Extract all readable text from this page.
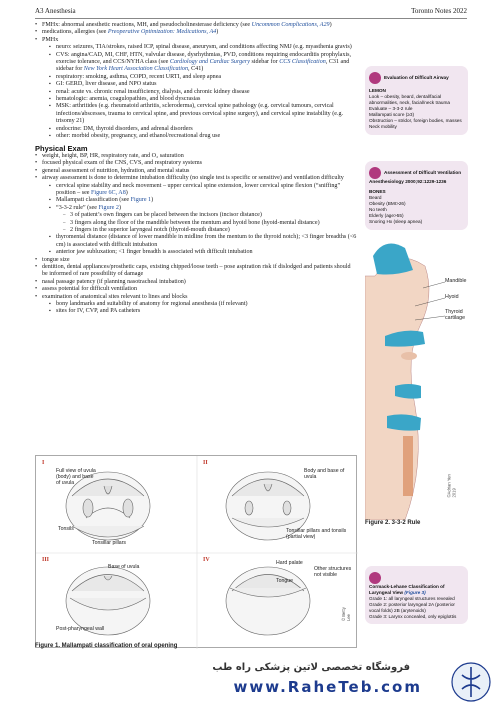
A3 Anesthesia	Toronto Notes 2022
• FMHx: abnormal anesthetic reactions, MH, and pseudocholinesterase deficiency (see Uncommon Complications, A29)
• medications, allergies (see Preoperative Optimization: Medications, A4)
• PMHx
▪ neuro: seizures, TIA/strokes, raised ICP, spinal disease, aneurysm, and conditions affecting NMJ (e.g. myasthenia gravis)
▪ CVS: angina/CAD, MI, CHF, HTN, valvular disease, dysrhythmias, PVD, conditions requiring endocarditis prophylaxis, exercise tolerance, and CCS/NYHA class (see Cardiology and Cardiac Surgery sidebar for CCS Classification, C31 and sidebar for New York Heart Association Classification, C41)
▪ respiratory: smoking, asthma, COPD, recent URTI, and sleep apnea
▪ GI: GERD, liver disease, and NPO status
▪ renal: acute vs. chronic renal insufficiency, dialysis, and chronic kidney disease
▪ hematologic: anemia, coagulopathies, and blood dyscrasias
▪ MSK: arthritides (e.g. rheumatoid arthritis, scleroderma), cervical spine pathology (e.g. cervical tumours, cervical infections/abscesses, trauma to cervical spine, and previous cervical spine surgery), and cervical spine instability (e.g. trisomy 21)
▪ endocrine: DM, thyroid disorders, and adrenal disorders
▪ other: morbid obesity, pregnancy, and ethanol/recreational drug use
Physical Exam
• weight, height, BP, HR, respiratory rate, and O₂ saturation
• focused physical exam of the CNS, CVS, and respiratory systems
• general assessment of nutrition, hydration, and mental status
• airway assessment is done to determine intubation difficulty (no single test is specific or sensitive) and ventilation difficulty
▪ cervical spine stability and neck movement – upper cervical spine extension, lower cervical spine flexion (“sniffing” position – see Figure 6C, A8)
▪ Mallampati classification (see Figure 1)
▪ “3-3-2 rule” (see Figure 2)
– 3 of patient’s own fingers can be placed between the incisors (incisor distance)
– 3 fingers along the floor of the mandible between the mentum and hyoid bone (hyoid-mental distance)
– 2 fingers in the superior laryngeal notch (thyroid-mouth distance)
▪ thyromental distance (distance of lower mandible in midline from the mentum to the thyroid notch); <3 finger breadths (<6 cm) is associated with difficult intubation
▪ anterior jaw subluxation; <1 finger breadth is associated with difficult intubation
• tongue size
• dentition, dental appliances/prosthetic caps, existing chipped/loose teeth – pose aspiration risk if dislodged and patients should be informed of rare possibility of damage
• nasal passage patency (if planning nasotracheal intubation)
• assess potential for difficult ventilation
• examination of anatomical sites relevant to lines and blocks
▪ bony landmarks and suitability of anatomy for regional anesthesia (if relevant)
▪ sites for IV, CVP, and PA catheters
I	II
III	IV
Full view of uvula (body) and base of uvula
Tonsils
Tonsillar pillars
Body and base of uvula
Tonsillar pillars and tonsils (partial view)
Base of uvula
Post-pharyngeal wall
Hard palate
Tongue
Other structures not visible
© Betty Lee
Figure 1. Mallampati classification of oral opening
Evaluation of Difficult Airway
LEMON
Look – obesity, beard, dental/facial abnormalities, neck, facial/neck trauma
Evaluate – 3-3-2 rule
Mallampati score (≥3)
Obstruction – stridor, foreign bodies, masses
Neck mobility
Assessment of Difficult Ventilation
Anesthesiology 2000;92:1229-1236
BONES
Beard
Obesity (BMI>26)
No teeth
Elderly (age>55)
Snoring Hx (sleep apnea)
Mandible
Hyoid
Thyroid cartilage
©Adrian Yen 2019
Figure 2. 3-3-2 Rule
Cormack-Lehane Classification of Laryngeal View (Figure 3)
Grade 1: all laryngeal structures revealed
Grade 2: posterior laryngeal 2A (posterior vocal folds) 2B (arytenoids)
Grade 3: Larynx concealed, only epiglottis
فروشگاه تخصصی لاتین پزشکی راه طب
www.RaheTeb.com
